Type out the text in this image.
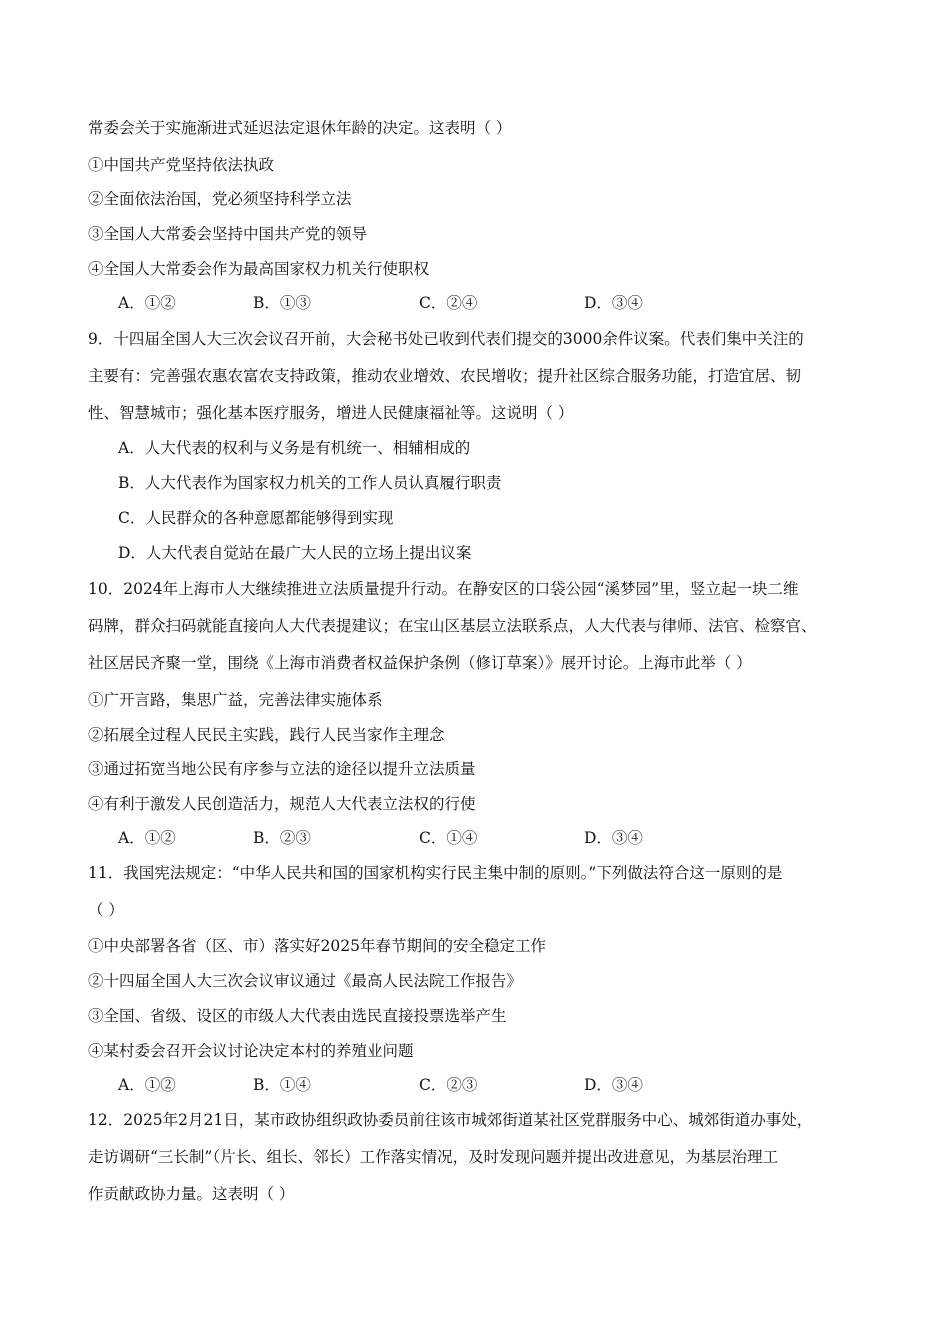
常委会关于实施渐进式延迟法定退休年龄的决定。这表明（ ）
①中国共产党坚持依法执政
②全面依法治国，党必须坚持科学立法
③全国人大常委会坚持中国共产党的领导
④全国人大常委会作为最高国家权力机关行使职权
A．①②	B．①③	C．②④	D．③④
9．十四届全国人大三次会议召开前，大会秘书处已收到代表们提交的3000余件议案。代表们集中关注的
主要有：完善强农惠农富农支持政策，推动农业增效、农民增收；提升社区综合服务功能，打造宜居、韧
性、智慧城市；强化基本医疗服务，增进人民健康福祉等。这说明（ ）
A．人大代表的权利与义务是有机统一、相辅相成的
B．人大代表作为国家权力机关的工作人员认真履行职责
C．人民群众的各种意愿都能够得到实现
D．人大代表自觉站在最广大人民的立场上提出议案
10．2024年上海市人大继续推进立法质量提升行动。在静安区的口袋公园“溪梦园”里，竖立起一块二维
码牌，群众扫码就能直接向人大代表提建议；在宝山区基层立法联系点，人大代表与律师、法官、检察官、
社区居民齐聚一堂，围绕《上海市消费者权益保护条例（修订草案）》展开讨论。上海市此举（ ）
①广开言路，集思广益，完善法律实施体系
②拓展全过程人民民主实践，践行人民当家作主理念
③通过拓宽当地公民有序参与立法的途径以提升立法质量
④有利于激发人民创造活力，规范人大代表立法权的行使
A．①②	B．②③	C．①④	D．③④
11．我国宪法规定：“中华人民共和国的国家机构实行民主集中制的原则。”下列做法符合这一原则的是
（ ）
①中央部署各省（区、市）落实好2025年春节期间的安全稳定工作
②十四届全国人大三次会议审议通过《最高人民法院工作报告》
③全国、省级、设区的市级人大代表由选民直接投票选举产生
④某村委会召开会议讨论决定本村的养殖业问题
A．①②	B．①④	C．②③	D．③④
12．2025年2月21日，某市政协组织政协委员前往该市城郊街道某社区党群服务中心、城郊街道办事处，
走访调研“三长制”（片长、组长、邻长）工作落实情况，及时发现问题并提出改进意见，为基层治理工
作贡献政协力量。这表明（ ）
